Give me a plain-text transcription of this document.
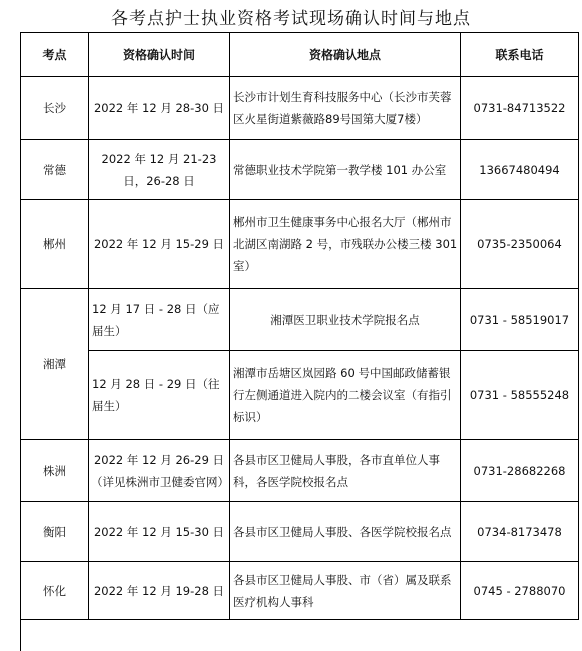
各考点护士执业资格考试现场确认时间与地点
考点	资格确认时间	资格确认地点	联系电话
长沙	2022 年 12 月 28-30 日	长沙市计划生育科技服务中心（长沙市芙蓉区火星街道紫薇路89号国第大厦7楼）	0731-84713522
常德	2022 年 12 月 21-23 日，26-28 日	常德职业技术学院第一教学楼 101 办公室	13667480494
郴州	2022 年 12 月 15-29 日	郴州市卫生健康事务中心报名大厅（郴州市北湖区南湖路 2 号，市残联办公楼三楼 301 室）	0735-2350064
湘潭	12 月 17 日 - 28 日（应届生）	湘潭医卫职业技术学院报名点	0731 - 58519017
	12 月 28 日 - 29 日（往届生）	湘潭市岳塘区岚园路 60 号中国邮政储蓄银行左侧通道进入院内的二楼会议室（有指引标识）	0731 - 58555248
株洲	2022 年 12 月 26-29 日（详见株洲市卫健委官网）	各县市区卫健局人事股，各市直单位人事科，各医学院校报名点	0731-28682268
衡阳	2022 年 12 月 15-30 日	各县市区卫健局人事股、各医学院校报名点	0734-8173478
怀化	2022 年 12 月 19-28 日	各县市区卫健局人事股、市（省）属及联系医疗机构人事科	0745 - 2788070
